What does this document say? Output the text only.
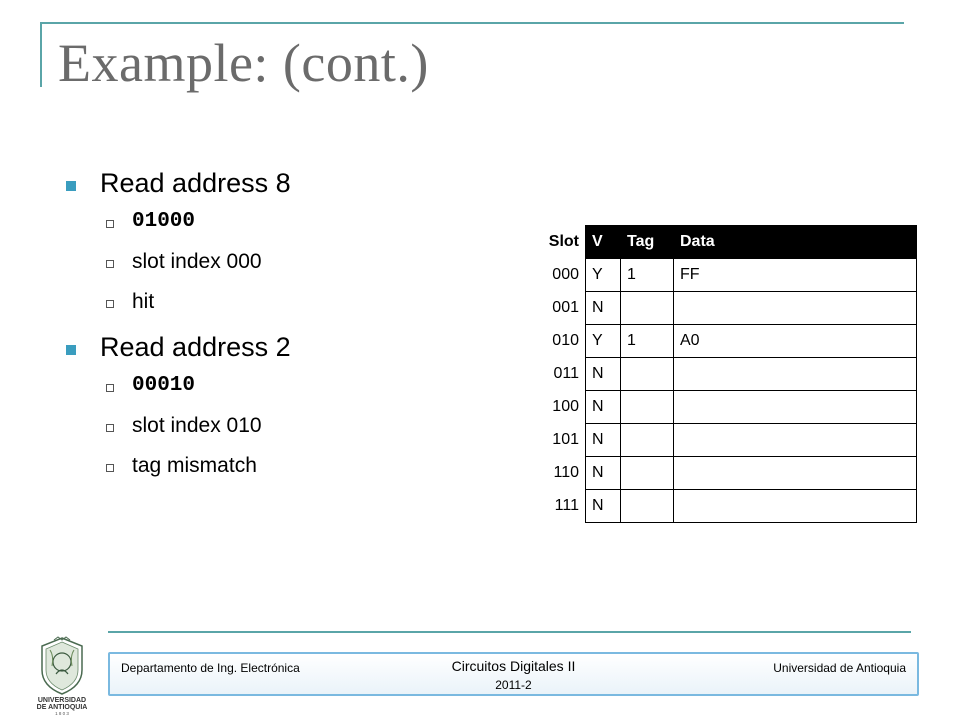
Example: (cont.)
Read address 8
01000
slot index 000
hit
Read address 2
00010
slot index 010
tag mismatch
Slot	V	Tag	Data
000	Y	1	FF
001	N		
010	Y	1	A0
011	N		
100	N		
101	N		
110	N		
111	N		
UNIVERSIDAD
DE ANTIOQUIA
1 8 0 3
Departamento de Ing. Electrónica	Circuitos Digitales II
2011-2
Universidad de Antioquia
